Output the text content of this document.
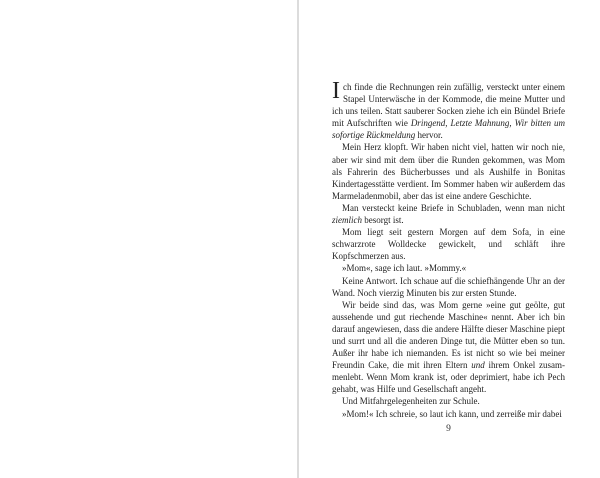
Ich finde die Rechnungen rein zufällig, versteckt unter einem Stapel Unterwäsche in der Kommode, die meine Mutter und ich uns teilen. Statt sauberer Socken ziehe ich ein Bündel Briefe mit Aufschriften wie Dringend, Letzte Mahnung, Wir bitten um sofortige Rückmeldung hervor.

Mein Herz klopft. Wir haben nicht viel, hatten wir noch nie, aber wir sind mit dem über die Runden gekommen, was Mom als Fahrerin des Bücherbusses und als Aushilfe in Bonitas Kindertagesstätte verdient. Im Sommer haben wir außerdem das Marmeladenmobil, aber das ist eine andere Geschichte.

Man versteckt keine Briefe in Schubladen, wenn man nicht ziemlich besorgt ist.

Mom liegt seit gestern Morgen auf dem Sofa, in eine schwarzrote Wolldecke gewickelt, und schläft ihre Kopfschmerzen aus.

»Mom«, sage ich laut. »Mommy.«

Keine Antwort. Ich schaue auf die schiefhängende Uhr an der Wand. Noch vierzig Minuten bis zur ersten Stunde.

Wir beide sind das, was Mom gerne »eine gut geölte, gut aussehende und gut riechende Maschine« nennt. Aber ich bin darauf angewiesen, dass die andere Hälfte dieser Maschine piept und surrt und all die anderen Dinge tut, die Mütter eben so tun. Außer ihr habe ich niemanden. Es ist nicht so wie bei meiner Freundin Cake, die mit ihren Eltern und ihrem Onkel zusammenlebt. Wenn Mom krank ist, oder deprimiert, habe ich Pech gehabt, was Hilfe und Gesellschaft angeht.

Und Mitfahrgelegenheiten zur Schule.

»Mom!« Ich schreie, so laut ich kann, und zerreiße mir dabei

9
